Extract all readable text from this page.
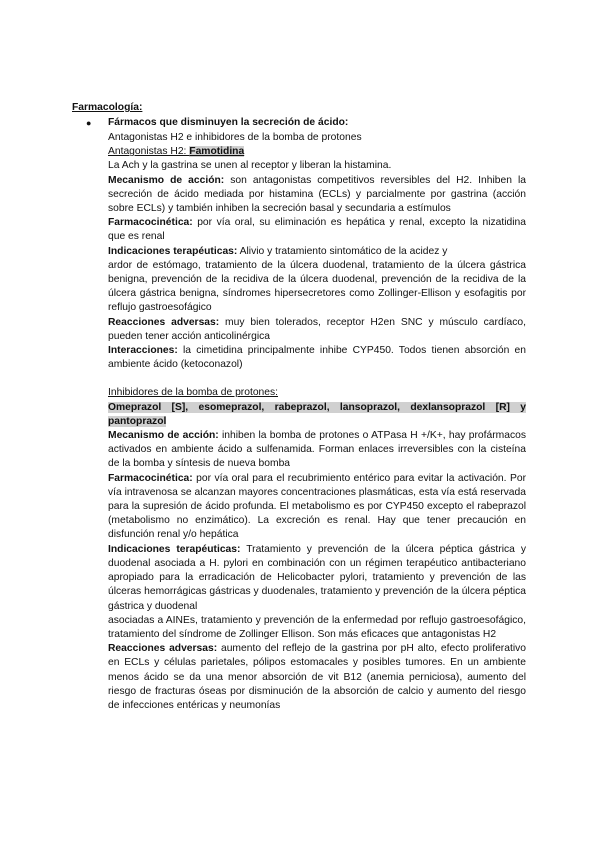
Farmacología:
● Fármacos que disminuyen la secreción de ácido:

Antagonistas H2 e inhibidores de la bomba de protones

Antagonistas H2: Famotidina

La Ach y la gastrina se unen al receptor y liberan la histamina.

Mecanismo de acción: son antagonistas competitivos reversibles del H2. Inhiben la secreción de ácido mediada por histamina (ECLs) y parcialmente por gastrina (acción sobre ECLs) y también inhiben la secreción basal y secundaria a estímulos

Farmacocinética: por vía oral, su eliminación es hepática y renal, excepto la nizatidina que es renal

Indicaciones terapéuticas: Alivio y tratamiento sintomático de la acidez y

ardor de estómago, tratamiento de la úlcera duodenal, tratamiento de la úlcera gástrica benigna, prevención de la recidiva de la úlcera duodenal, prevención de la recidiva de la úlcera gástrica benigna, síndromes hipersecretores como Zollinger-Ellison y esofagitis por reflujo gastroesofágico

Reacciones adversas: muy bien tolerados, receptor H2en SNC y músculo cardíaco, pueden tener acción anticolinérgica

Interacciones: la cimetidina principalmente inhibe CYP450. Todos tienen absorción en ambiente ácido (ketoconazol)

Inhibidores de la bomba de protones:

Omeprazol [S], esomeprazol, rabeprazol, lansoprazol, dexlansoprazol [R] y pantoprazol

Mecanismo de acción: inhiben la bomba de protones o ATPasa H +/K+, hay profármacos activados en ambiente ácido a sulfenamida. Forman enlaces irreversibles con la cisteína de la bomba y síntesis de nueva bomba

Farmacocinética: por vía oral para el recubrimiento entérico para evitar la activación. Por vía intravenosa se alcanzan mayores concentraciones plasmáticas, esta vía está reservada para la supresión de ácido profunda. El metabolismo es por CYP450 excepto el rabeprazol (metabolismo no enzimático). La excreción es renal. Hay que tener precaución en disfunción renal y/o hepática

Indicaciones terapéuticas: Tratamiento y prevención de la úlcera péptica gástrica y duodenal asociada a H. pylori en combinación con un régimen terapéutico antibacteriano apropiado para la erradicación de Helicobacter pylori, tratamiento y prevención de las úlceras hemorrágicas gástricas y duodenales, tratamiento y prevención de la úlcera péptica gástrica y duodenal

asociadas a AINEs, tratamiento y prevención de la enfermedad por reflujo gastroesofágico, tratamiento del síndrome de Zollinger Ellison. Son más eficaces que antagonistas H2

Reacciones adversas: aumento del reflejo de la gastrina por pH alto, efecto proliferativo en ECLs y células parietales, pólipos estomacales y posibles tumores. En un ambiente menos ácido se da una menor absorción de vit B12 (anemia perniciosa), aumento del riesgo de fracturas óseas por disminución de la absorción de calcio y aumento del riesgo de infecciones entéricas y neumonías
